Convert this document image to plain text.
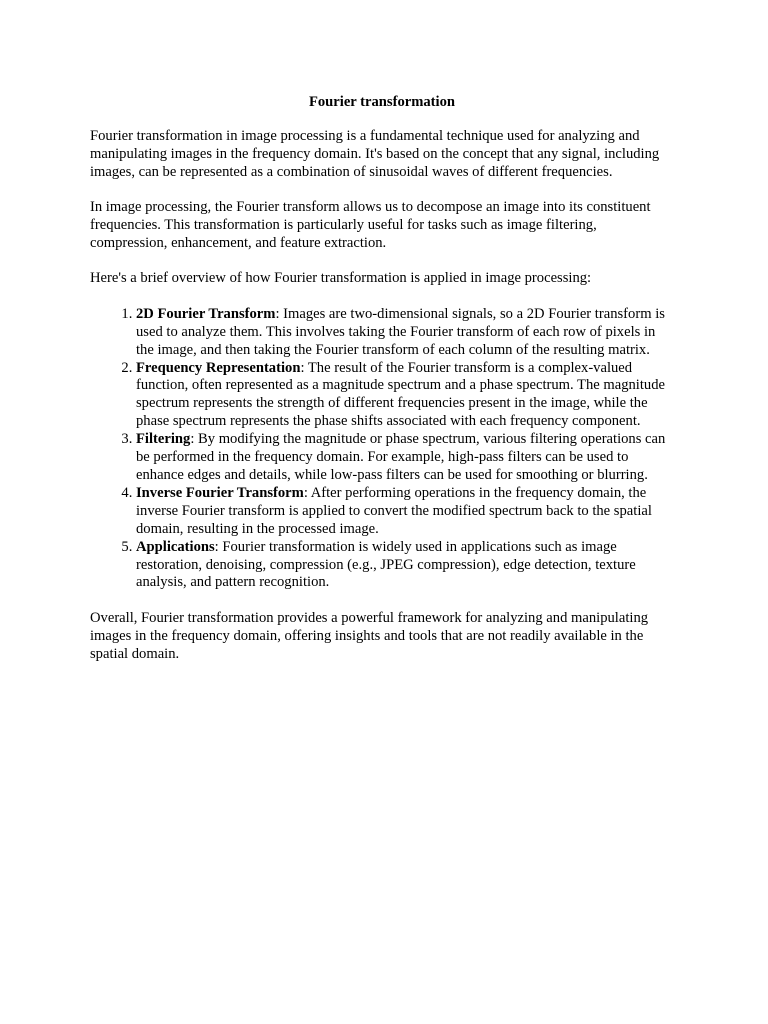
Fourier transformation

Fourier transformation in image processing is a fundamental technique used for analyzing and manipulating images in the frequency domain. It's based on the concept that any signal, including images, can be represented as a combination of sinusoidal waves of different frequencies.

In image processing, the Fourier transform allows us to decompose an image into its constituent frequencies. This transformation is particularly useful for tasks such as image filtering, compression, enhancement, and feature extraction.

Here's a brief overview of how Fourier transformation is applied in image processing:

1. 2D Fourier Transform: Images are two-dimensional signals, so a 2D Fourier transform is used to analyze them. This involves taking the Fourier transform of each row of pixels in the image, and then taking the Fourier transform of each column of the resulting matrix.
2. Frequency Representation: The result of the Fourier transform is a complex-valued function, often represented as a magnitude spectrum and a phase spectrum. The magnitude spectrum represents the strength of different frequencies present in the image, while the phase spectrum represents the phase shifts associated with each frequency component.
3. Filtering: By modifying the magnitude or phase spectrum, various filtering operations can be performed in the frequency domain. For example, high-pass filters can be used to enhance edges and details, while low-pass filters can be used for smoothing or blurring.
4. Inverse Fourier Transform: After performing operations in the frequency domain, the inverse Fourier transform is applied to convert the modified spectrum back to the spatial domain, resulting in the processed image.
5. Applications: Fourier transformation is widely used in applications such as image restoration, denoising, compression (e.g., JPEG compression), edge detection, texture analysis, and pattern recognition.

Overall, Fourier transformation provides a powerful framework for analyzing and manipulating images in the frequency domain, offering insights and tools that are not readily available in the spatial domain.
